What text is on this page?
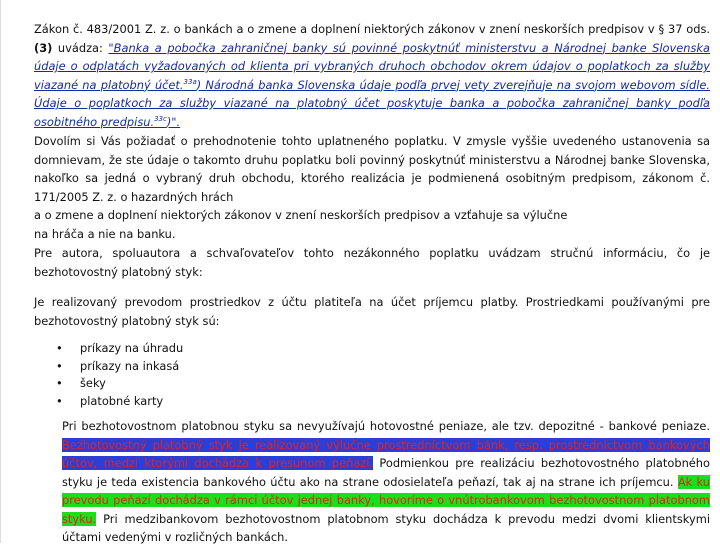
Zákon č. 483/2001 Z. z. o bankách a o zmene a doplnení niektorých zákonov v znení neskorších predpisov v § 37 ods.(3) uvádza: "Banka a pobočka zahraničnej banky sú povinné poskytnúť ministerstvu a Národnej banke Slovenska údaje o odplatách vyžadovaných od klienta pri vybraných druhoch obchodov okrem údajov o poplatkoch za služby viazané na platobný účet.$^{33a}$) Národná banka Slovenska údaje podľa prvej vety zverejňuje na svojom webovom sídle. Údaje o poplatkoch za služby viazané na platobný účet poskytuje banka a pobočka zahraničnej banky podľa osobitného predpisu.$^{33c}$)".

Dovolím si Vás požiadať o prehodnotenie tohto uplatneného poplatku. V zmysle vyššie uvedeného ustanovenia sa domnievam, že ste údaje o takomto druhu poplatku boli povinný poskytnúť ministerstvu a Národnej banke Slovenska, nakoľko sa jedná o vybraný druh obchodu, ktorého realizácia je podmienená osobitným predpisom, zákonom č. 171/2005 Z. z. o hazardných hrách
a o zmene a doplnení niektorých zákonov v znení neskorších predpisov a vzťahuje sa výlučne
na hráča a nie na banku.

Pre autora, spoluautora a schvaľovateľov tohto nezákonného poplatku uvádzam stručnú informáciu, čo je bezhotovostný platobný styk:

Je realizovaný prevodom prostriedkov z účtu platiteľa na účet príjemcu platby. Prostriedkami používanými pre bezhotovostný platobný styk sú:

• príkazy na úhradu
• príkazy na inkasá
• šeky
• platobné karty
Pri bezhotovostnom platobnou styku sa nevyužívajú hotovostné peniaze, ale tzv. depozitné - bankové peniaze. Bezhotovostný platobný styk je realizovaný výlučne prostredníctvom bánk, resp. prostredníctvom bankových účtov, medzi ktorými dochádza k presunom peňazí. Podmienkou pre realizáciu bezhotovostného platobného styku je teda existencia bankového účtu ako na strane odosielateľa peňazí, tak aj na strane ich príjemcu. Ak ku prevodu peňazí dochádza v rámci účtov jednej banky, hovoríme o vnútrobankovom bezhotovostnom platobnom styku. Pri medzibankovom bezhotovostnom platobnom styku dochádza k prevodu medzi dvomi klientskymi účtami vedenými v rozličných bankách.
